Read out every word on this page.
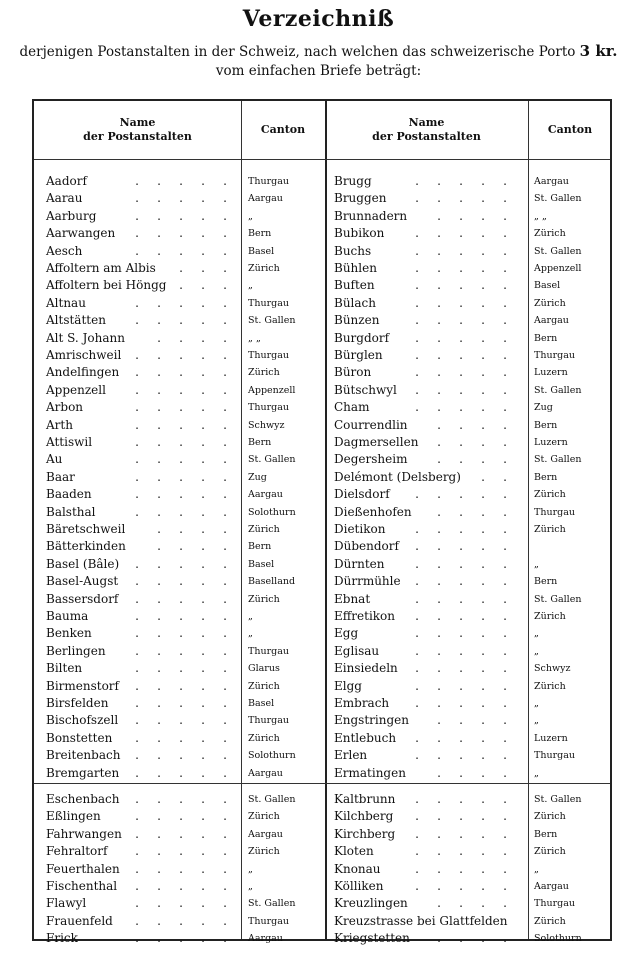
Verzeichniß
derjenigen Postanstalten in der Schweiz, nach welchen das schweizerische Porto 3 kr.
vom einfachen Briefe beträgt:
Name
der Postanstalten
Canton
Name
der Postanstalten
Canton
Aadorf	. . . . .	Thurgau
Aarau	. . . . .	Aargau
Aarburg	. . . . .	„
Aarwangen	. . . . .	Bern
Aesch	. . . . .	Basel
Affoltern am Albis	. . .	Zürich
Affoltern bei Höngg	. . .	„
Altnau	. . . . .	Thurgau
Altstätten	. . . . .	St. Gallen
Alt S. Johann	. . . .	„ „
Amrischweil	. . . . .	Thurgau
Andelfingen	. . . . .	Zürich
Appenzell	. . . . .	Appenzell
Arbon	. . . . .	Thurgau
Arth	. . . . .	Schwyz
Attiswil	. . . . .	Bern
Au	. . . . .	St. Gallen
Baar	. . . . .	Zug
Baaden	. . . . .	Aargau
Balsthal	. . . . .	Solothurn
Bäretschweil	. . . .	Zürich
Bätterkinden	. . . .	Bern
Basel (Bâle)	. . . . .	Basel
Basel-Augst	. . . . .	Baselland
Bassersdorf	. . . . .	Zürich
Bauma	. . . . .	„
Benken	. . . . .	„
Berlingen	. . . . .	Thurgau
Bilten	. . . . .	Glarus
Birmenstorf	. . . . .	Zürich
Birsfelden	. . . . .	Basel
Bischofszell	. . . . .	Thurgau
Bonstetten	. . . . .	Zürich
Breitenbach	. . . . .	Solothurn
Bremgarten	. . . . .	Aargau
Eschenbach	. . . . .	St. Gallen
Eßlingen	. . . . .	Zürich
Fahrwangen	. . . . .	Aargau
Fehraltorf	. . . . .	Zürich
Feuerthalen	. . . . .	„
Fischenthal	. . . . .	„
Flawyl	. . . . .	St. Gallen
Frauenfeld	. . . . .	Thurgau
Frick	. . . . .	Aargau
Brugg	. . . . .	Aargau
Bruggen	. . . . .	St. Gallen
Brunnadern	. . . .	„ „
Bubikon	. . . . .	Zürich
Buchs	. . . . .	St. Gallen
Bühlen	. . . . .	Appenzell
Buften	. . . . .	Basel
Bülach	. . . . .	Zürich
Bünzen	. . . . .	Aargau
Burgdorf	. . . . .	Bern
Bürglen	. . . . .	Thurgau
Büron	. . . . .	Luzern
Bütschwyl	. . . . .	St. Gallen
Cham	. . . . .	Zug
Courrendlin	. . . .	Bern
Dagmersellen	. . . .	Luzern
Degersheim	. . . .	St. Gallen
Delémont (Delsberg)	. .	Bern
Dielsdorf	. . . . .	Zürich
Dießenhofen	. . . .	Thurgau
Dietikon	. . . . .	Zürich
Dübendorf	. . . . .
Dürnten	. . . . .	„
Dürrmühle	. . . . .	Bern
Ebnat	. . . . .	St. Gallen
Effretikon	. . . . .	Zürich
Egg	. . . . .	„
Eglisau	. . . . .	„
Einsiedeln	. . . . .	Schwyz
Elgg	. . . . .	Zürich
Embrach	. . . . .	„
Engstringen	. . . .	„
Entlebuch	. . . . .	Luzern
Erlen	. . . . .	Thurgau
Ermatingen	. . . .	„
Kaltbrunn	. . . . .	St. Gallen
Kilchberg	. . . . .	Zürich
Kirchberg	. . . . .	Bern
Kloten	. . . . .	Zürich
Knonau	. . . . .	„
Kölliken	. . . . .	Aargau
Kreuzlingen	. . . .	Thurgau
Kreuzstrasse bei Glattfelden	Zürich
Kriegstetten	. . . .	Solothurn
